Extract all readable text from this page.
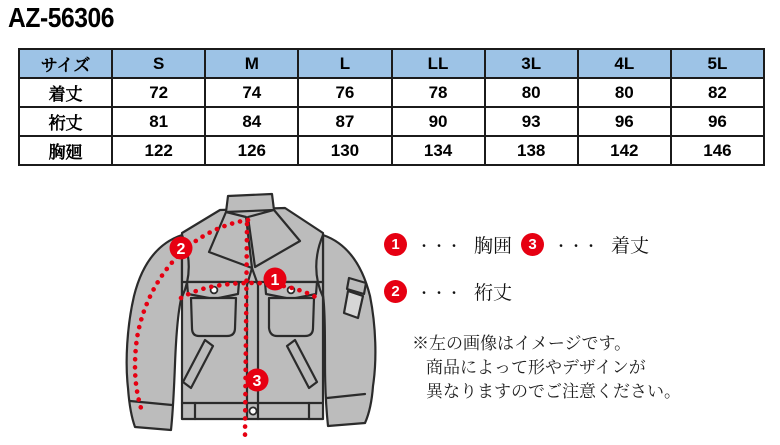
AZ-56306
サイズ	S	M	L	LL	3L	4L	5L
着丈	72	74	76	78	80	80	82
裄丈	81	84	87	90	93	96	96
胸廻	122	126	130	134	138	142	146
2
1
3
1	・・・ 胸囲	3	・・・ 着丈
2	・・・ 裄丈
※左の画像はイメージです。
商品によって形やデザインが
異なりますのでご注意ください。
